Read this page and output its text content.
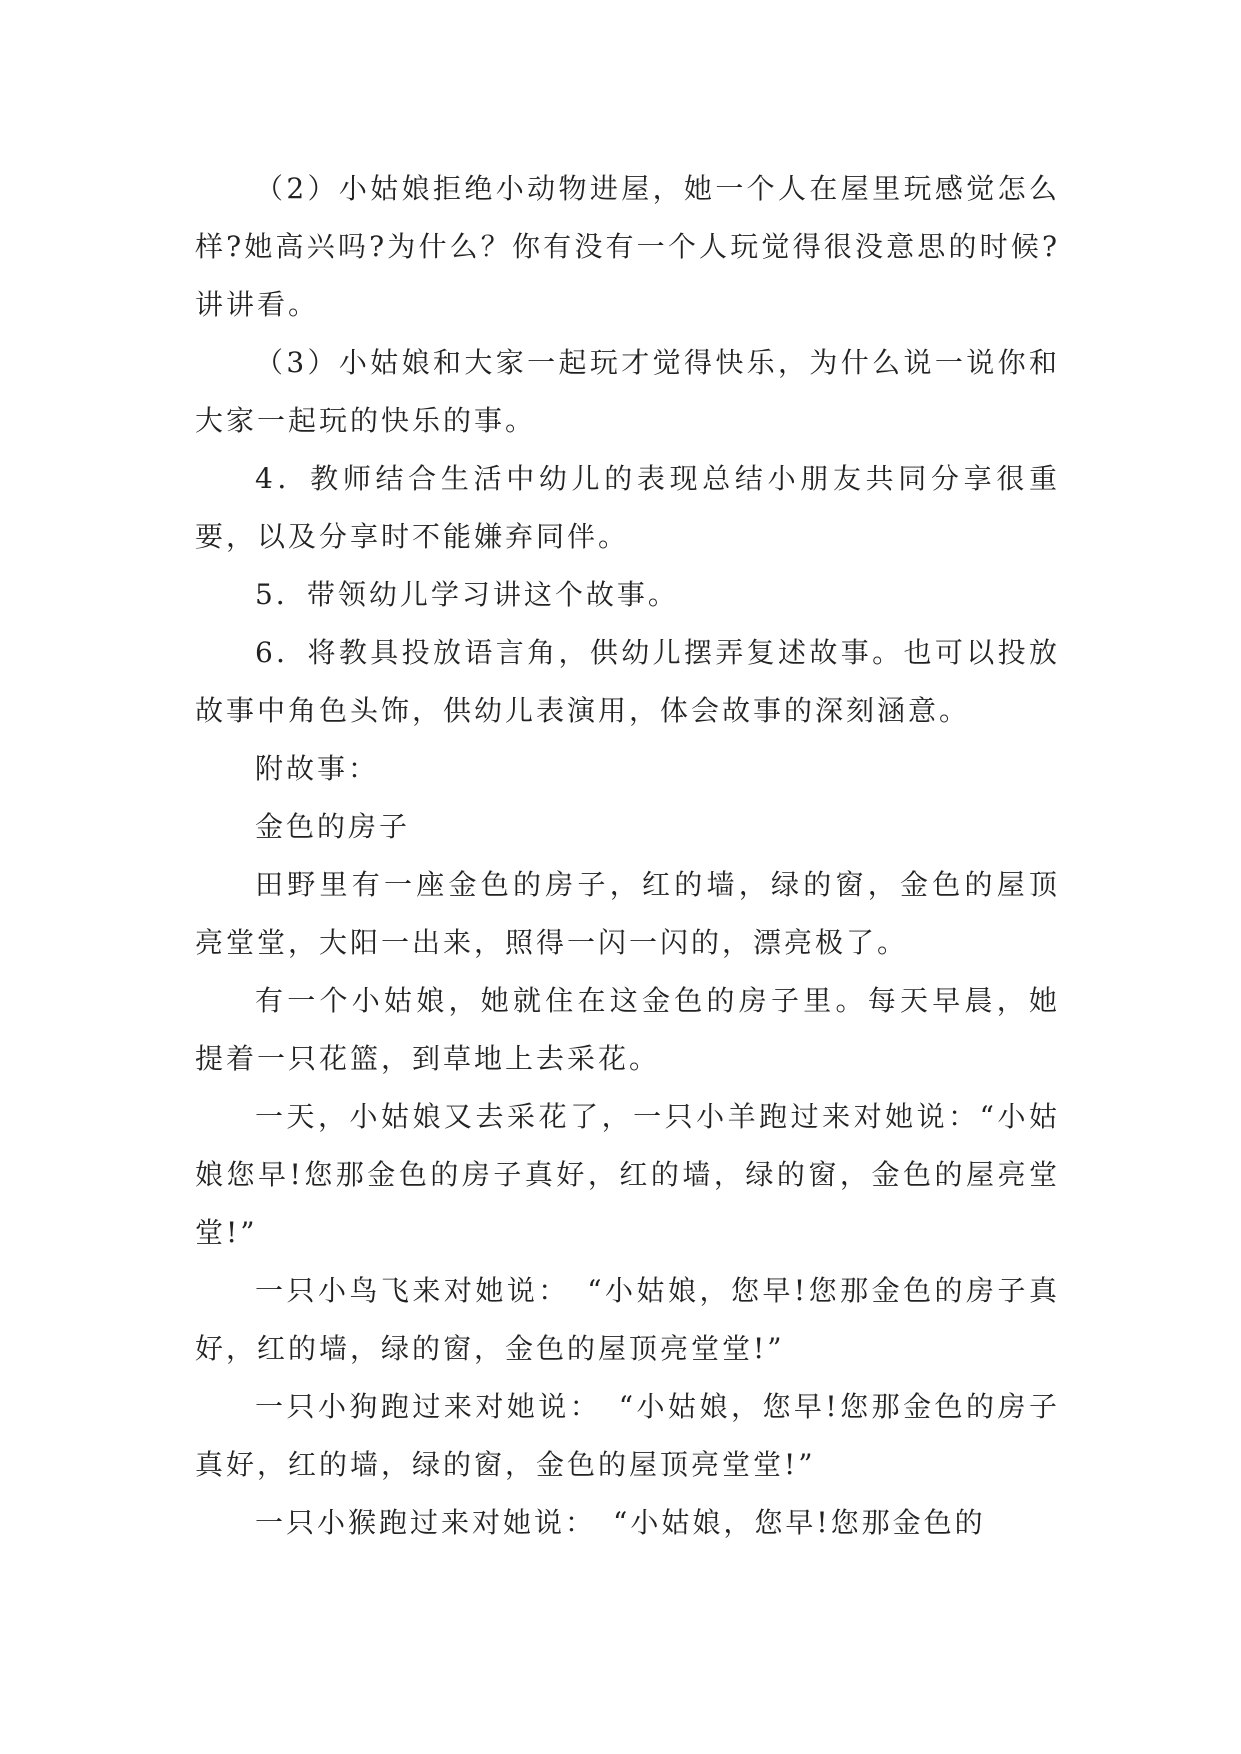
（2）小姑娘拒绝小动物进屋，她一个人在屋里玩感觉怎么样?她高兴吗?为什么？你有没有一个人玩觉得很没意思的时候?讲讲看。

（3）小姑娘和大家一起玩才觉得快乐，为什么说一说你和大家一起玩的快乐的事。

4．教师结合生活中幼儿的表现总结小朋友共同分享很重要，以及分享时不能嫌弃同伴。

5．带领幼儿学习讲这个故事。

6．将教具投放语言角，供幼儿摆弄复述故事。也可以投放故事中角色头饰，供幼儿表演用，体会故事的深刻涵意。

附故事：

金色的房子

田野里有一座金色的房子，红的墙，绿的窗，金色的屋顶亮堂堂，大阳一出来，照得一闪一闪的，漂亮极了。

有一个小姑娘，她就住在这金色的房子里。每天早晨，她提着一只花篮，到草地上去采花。

一天，小姑娘又去采花了，一只小羊跑过来对她说：“小姑娘您早!您那金色的房子真好，红的墙，绿的窗，金色的屋亮堂堂!”

一只小鸟飞来对她说：　“小姑娘，您早!您那金色的房子真好，红的墙，绿的窗，金色的屋顶亮堂堂!”

一只小狗跑过来对她说：　“小姑娘，您早!您那金色的房子真好，红的墙，绿的窗，金色的屋顶亮堂堂!”

一只小猴跑过来对她说：　“小姑娘，您早!您那金色的
